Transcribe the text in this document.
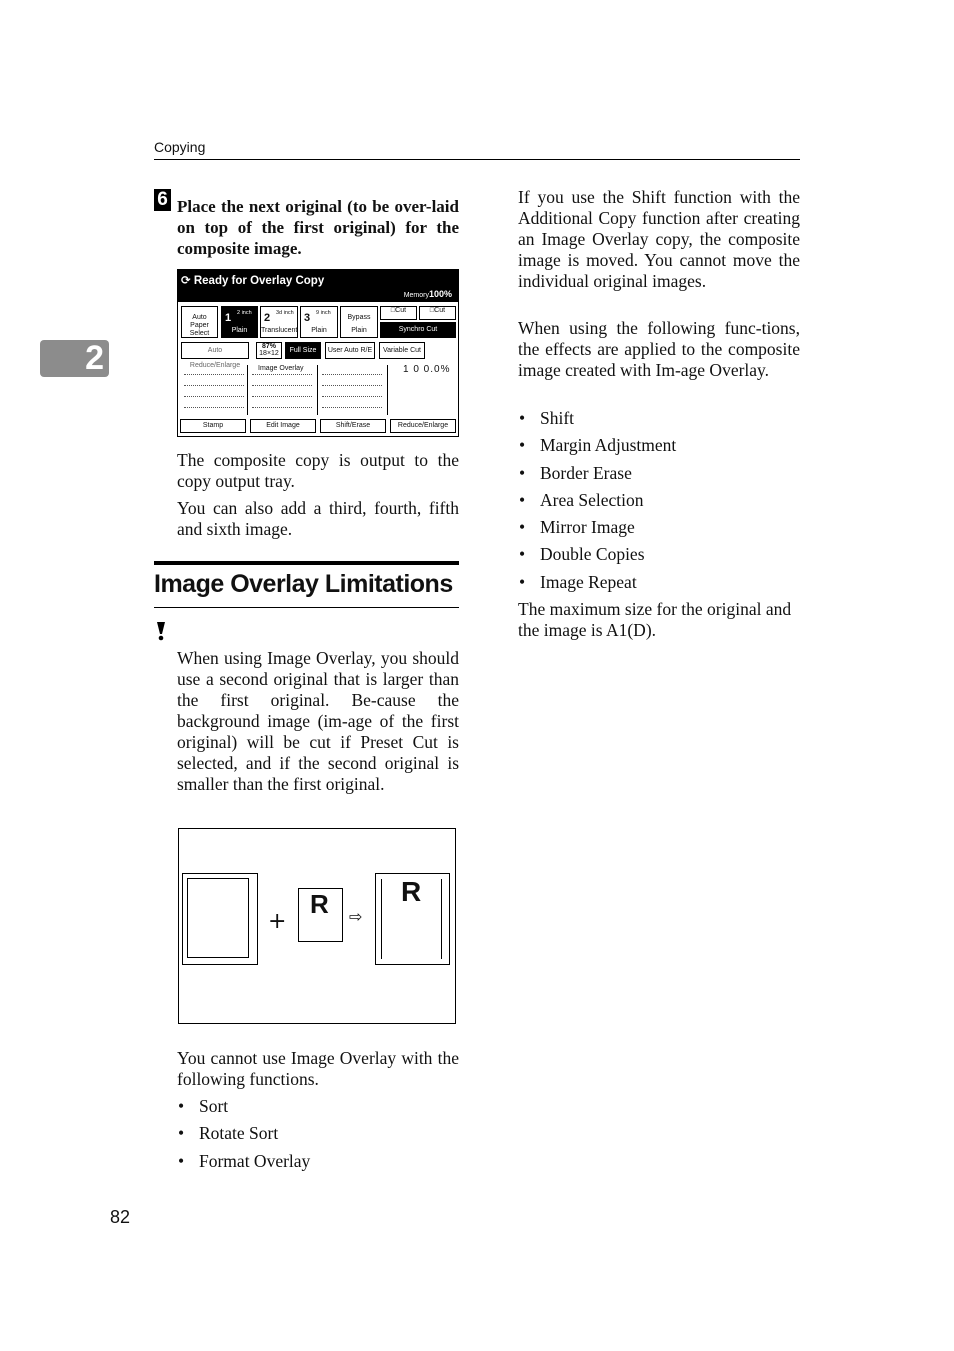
Copying
2
6 Place the next original (to be over-laid on top of the first original) for the composite image.
⟳ Ready for Overlay Copy
Memory100%
Auto Paper Select
1 2 inch
Plain
2 3d inch
Translucent
3 9 inch
Plain
Bypass
Plain
□Cut	□Cut
Synchro Cut
Auto Reduce/Enlarge
87%
18×12	Full Size	User Auto R/E	Variable Cut
Image Overlay	1 0 0.0%
Stamp	Edit Image	Shift/Erase	Reduce/Enlarge
The composite copy is output to the copy output tray.
You can also add a third, fourth, fifth and sixth image.
Image Overlay Limitations
When using Image Overlay, you should use a second original that is larger than the first original. Be-cause the background image (im-age of the first original) will be cut if Preset Cut is selected, and if the second original is smaller than the first original.
+
R ⇨
R
You cannot use Image Overlay with the following functions.
• Sort
• Rotate Sort
• Format Overlay
If you use the Shift function with the Additional Copy function after creating an Image Overlay copy, the composite image is moved. You cannot move the individual original images.
When using the following func-tions, the effects are applied to the composite image created with Im-age Overlay.
• Shift
• Margin Adjustment
• Border Erase
• Area Selection
• Mirror Image
• Double Copies
• Image Repeat
The maximum size for the original and the image is A1(D).
82
